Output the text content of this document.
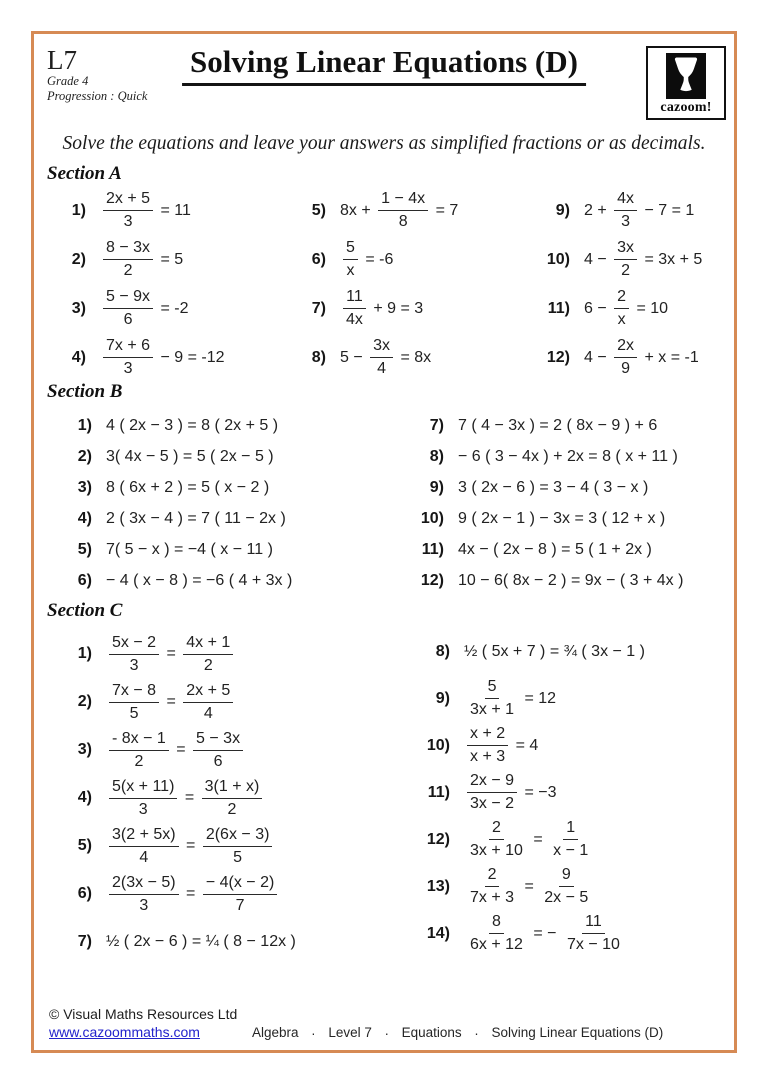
L7
Grade 4
Progression : Quick
Solving Linear Equations (D)
cazoom!
Solve the equations and leave your answers as simplified fractions or as decimals.
Section A
$1) \frac{2x + 5}{3} = 11$
$2) \frac{8 - 3x}{2} = 5$
$3) \frac{5 - 9x}{6} = -2$
$4) \frac{7x + 6}{3} - 9 = -12$
5) $8x + \frac{1 - 4x}{8} = 7$
$6) \frac{5}{x} = -6$
$7) \frac{11}{4x} + 9 = 3$
8) $5 - \frac{3x}{4} = 8x$
9) $2 + \frac{4x}{3} - 7 = 1$
10) $4 - \frac{3x}{2} = 3x + 5$
11) $6 - \frac{2}{x} = 10$
12) $4 - \frac{2x}{9} + x = -1$
Section B
1) 4 ( 2x − 3 ) = 8 ( 2x + 5 )
2) 3( 4x − 5 ) = 5 ( 2x − 5 )
3) 8 ( 6x + 2 ) = 5 ( x − 2 )
4) 2 ( 3x − 4 ) = 7 ( 11 − 2x )
5) 7( 5 − x ) = −4 ( x − 11 )
6) − 4 ( x − 8 ) = −6 ( 4 + 3x )
7) 7 ( 4 − 3x ) = 2 ( 8x − 9 ) + 6
8) − 6 ( 3 − 4x ) + 2x = 8 ( x + 11 )
9) 3 ( 2x − 6 ) = 3 − 4 ( 3 − x )
10) 9 ( 2x − 1 ) − 3x = 3 ( 12 + x )
11) 4x − ( 2x − 8 ) = 5 ( 1 + 2x )
12) 10 − 6( 8x − 2 ) = 9x − ( 3 + 4x )
Section C
$1) \frac{5x - 2}{3} = \frac{4x + 1}{2}$
$2) \frac{7x - 8}{5} = \frac{2x + 5}{4}$
$3) \frac{- 8x - 1}{2} = \frac{5 - 3x}{6}$
$4) \frac{5(x + 11)}{3} = \frac{3(1 + x)}{2}$
$5) \frac{3(2 + 5x)}{4} = \frac{2(6x - 3)}{5}$
$6) \frac{2(3x - 5)}{3} = \frac{- 4(x - 2)}{7}$
7) ½ ( 2x − 6 ) = ¼ ( 8 − 12x )
8) ½ ( 5x + 7 ) = ¾ ( 3x − 1 )
$9) \frac{5}{3x + 1} = 12$
$10) \frac{x + 2}{x + 3} = 4$
$11) \frac{2x - 9}{3x - 2} = -3$
$12) \frac{2}{3x + 10} = \frac{1}{x - 1}$
$13) \frac{2}{7x + 3} = \frac{9}{2x - 5}$
$14) \frac{8}{6x + 12}$ = − $\frac{11}{7x - 10}$
© Visual Maths Resources Ltd
www.cazoommaths.com	Algebra . Level 7 . Equations . Solving Linear Equations (D)
